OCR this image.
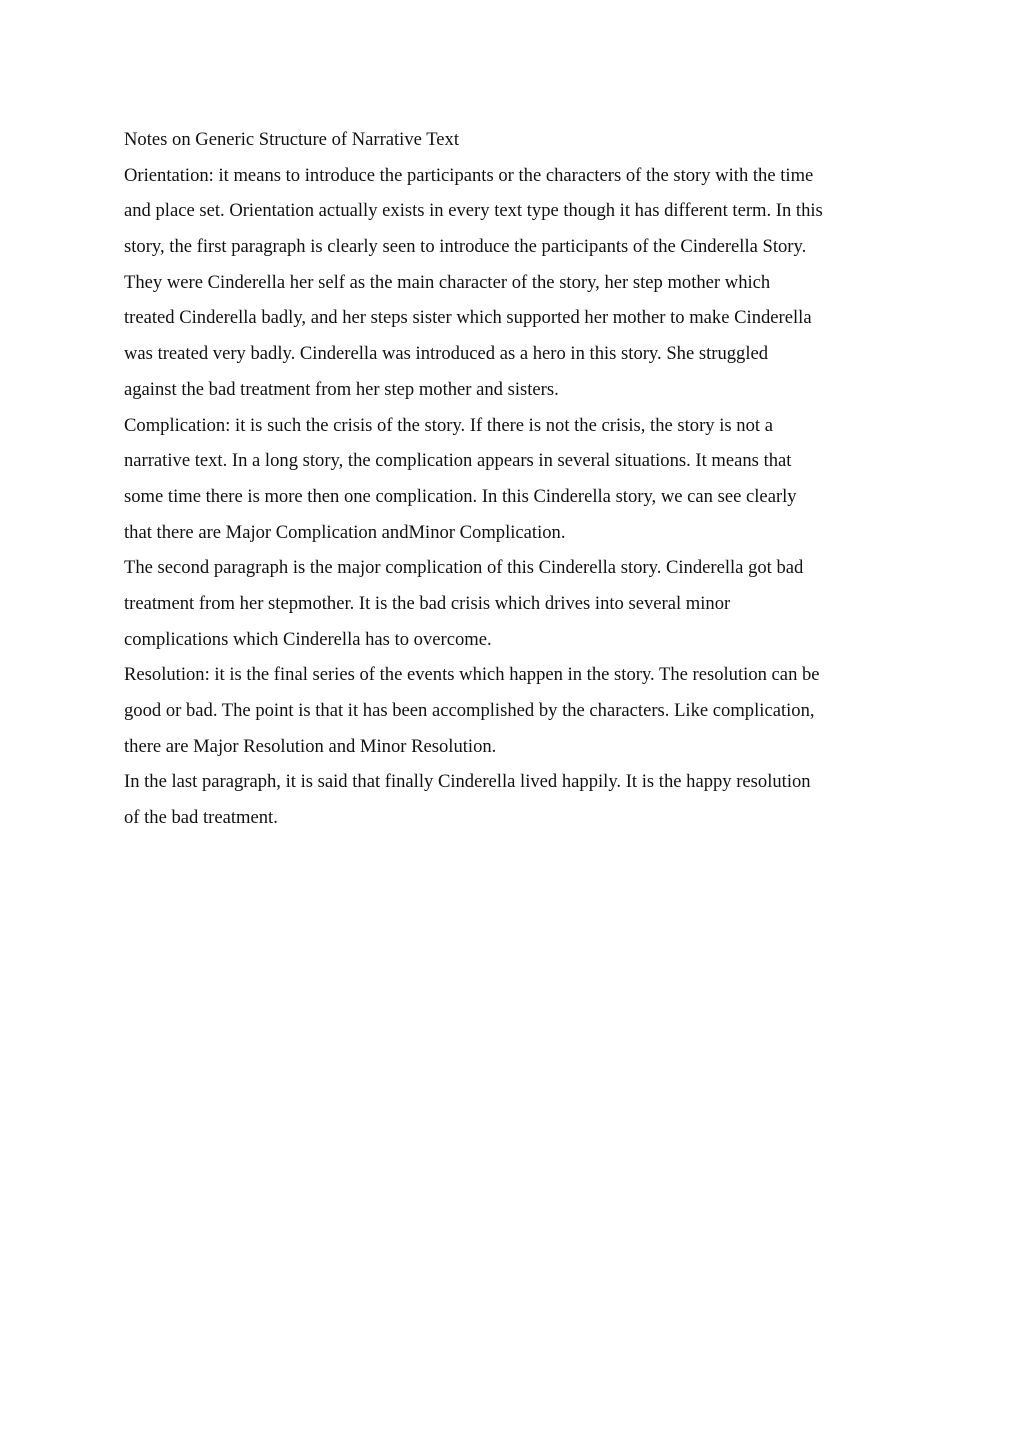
Notes on Generic Structure of Narrative Text
Orientation: it means to introduce the participants or the characters of the story with the time
and place set. Orientation actually exists in every text type though it has different term. In this
story, the first paragraph is clearly seen to introduce the participants of the Cinderella Story.
They were Cinderella her self as the main character of the story, her step mother which
treated Cinderella badly, and her steps sister which supported her mother to make Cinderella
was treated very badly. Cinderella was introduced as a hero in this story. She struggled
against the bad treatment from her step mother and sisters.
Complication: it is such the crisis of the story. If there is not the crisis, the story is not a
narrative text. In a long story, the complication appears in several situations. It means that
some time there is more then one complication. In this Cinderella story, we can see clearly
that there are Major Complication andMinor Complication.
The second paragraph is the major complication of this Cinderella story. Cinderella got bad
treatment from her stepmother. It is the bad crisis which drives into several minor
complications which Cinderella has to overcome.
Resolution: it is the final series of the events which happen in the story. The resolution can be
good or bad. The point is that it has been accomplished by the characters. Like complication,
there are Major Resolution and Minor Resolution.
In the last paragraph, it is said that finally Cinderella lived happily. It is the happy resolution
of the bad treatment.
